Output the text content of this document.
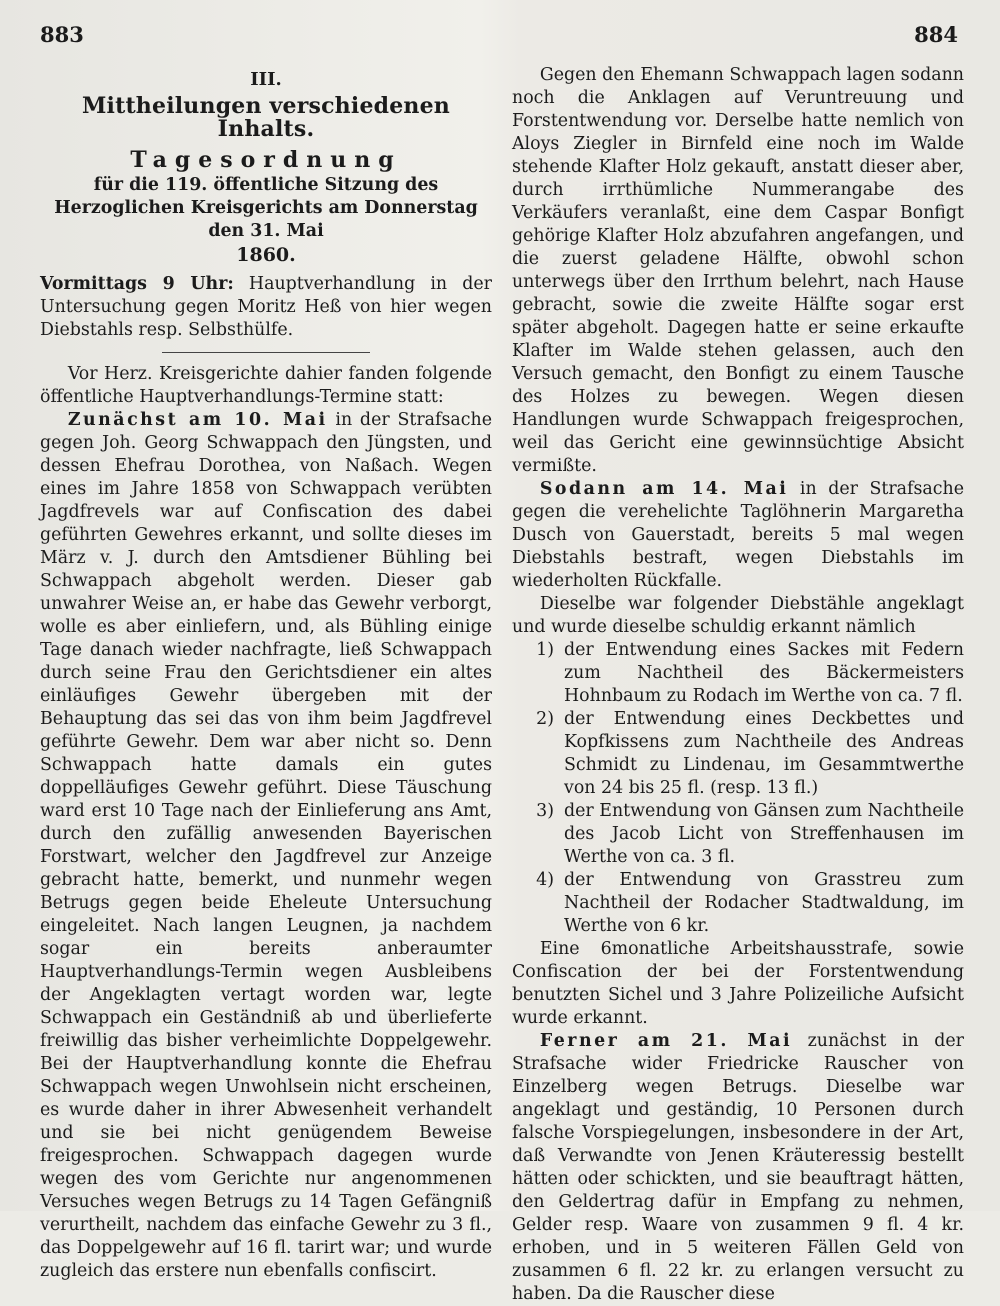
883	884
III.
Mittheilungen verschiedenen Inhalts.
Tagesordnung
für die 119. öffentliche Sitzung des Herzoglichen Kreisgerichts am Donnerstag den 31. Mai
1860.
Vormittags 9 Uhr: Hauptverhandlung in der Untersuchung gegen Moritz Heß von hier wegen Diebstahls resp. Selbsthülfe.

Vor Herz. Kreisgerichte dahier fanden folgende öffentliche Hauptverhandlungs-Termine statt:

Zunächst am 10. Mai in der Strafsache gegen Joh. Georg Schwappach den Jüngsten, und dessen Ehefrau Dorothea, von Naßach. Wegen eines im Jahre 1858 von Schwappach verübten Jagdfrevels war auf Confiscation des dabei geführten Gewehres erkannt, und sollte dieses im März v. J. durch den Amtsdiener Bühling bei Schwappach abgeholt werden. Dieser gab unwahrer Weise an, er habe das Gewehr verborgt, wolle es aber einliefern, und, als Bühling einige Tage danach wieder nachfragte, ließ Schwappach durch seine Frau den Gerichtsdiener ein altes einläufiges Gewehr übergeben mit der Behauptung das sei das von ihm beim Jagdfrevel geführte Gewehr. Dem war aber nicht so. Denn Schwappach hatte damals ein gutes doppelläufiges Gewehr geführt. Diese Täuschung ward erst 10 Tage nach der Einlieferung ans Amt, durch den zufällig anwesenden Bayerischen Forstwart, welcher den Jagdfrevel zur Anzeige gebracht hatte, bemerkt, und nunmehr wegen Betrugs gegen beide Eheleute Untersuchung eingeleitet. Nach langen Leugnen, ja nachdem sogar ein bereits anberaumter Hauptverhandlungs-Termin wegen Ausbleibens der Angeklagten vertagt worden war, legte Schwappach ein Geständniß ab und überlieferte freiwillig das bisher verheimlichte Doppelgewehr. Bei der Hauptverhandlung konnte die Ehefrau Schwappach wegen Unwohlsein nicht erscheinen, es wurde daher in ihrer Abwesenheit verhandelt und sie bei nicht genügendem Beweise freigesprochen. Schwappach dagegen wurde wegen des vom Gerichte nur angenommenen Versuches wegen Betrugs zu 14 Tagen Gefängniß verurtheilt, nachdem das einfache Gewehr zu 3 fl., das Doppelgewehr auf 16 fl. tarirt war; und wurde zugleich das erstere nun ebenfalls confiscirt.

Gegen den Ehemann Schwappach lagen sodann noch die Anklagen auf Veruntreuung und Forstentwendung vor. Derselbe hatte nemlich von Aloys Ziegler in Birnfeld eine noch im Walde stehende Klafter Holz gekauft, anstatt dieser aber, durch irrthümliche Nummerangabe des Verkäufers veranlaßt, eine dem Caspar Bonfigt gehörige Klafter Holz abzufahren angefangen, und die zuerst geladene Hälfte, obwohl schon unterwegs über den Irrthum belehrt, nach Hause gebracht, sowie die zweite Hälfte sogar erst später abgeholt. Dagegen hatte er seine erkaufte Klafter im Walde stehen gelassen, auch den Versuch gemacht, den Bonfigt zu einem Tausche des Holzes zu bewegen. Wegen diesen Handlungen wurde Schwappach freigesprochen, weil das Gericht eine gewinnsüchtige Absicht vermißte.

Sodann am 14. Mai in der Strafsache gegen die verehelichte Taglöhnerin Margaretha Dusch von Gauerstadt, bereits 5 mal wegen Diebstahls bestraft, wegen Diebstahls im wiederholten Rückfalle.

Dieselbe war folgender Diebstähle angeklagt und wurde dieselbe schuldig erkannt nämlich

1) der Entwendung eines Sackes mit Federn zum Nachtheil des Bäckermeisters Hohnbaum zu Rodach im Werthe von ca. 7 fl.
2) der Entwendung eines Deckbettes und Kopfkissens zum Nachtheile des Andreas Schmidt zu Lindenau, im Gesammtwerthe von 24 bis 25 fl. (resp. 13 fl.)
3) der Entwendung von Gänsen zum Nachtheile des Jacob Licht von Streffenhausen im Werthe von ca. 3 fl.
4) der Entwendung von Grasstreu zum Nachtheil der Rodacher Stadtwaldung, im Werthe von 6 kr.

Eine 6monatliche Arbeitshausstrafe, sowie Confiscation der bei der Forstentwendung benutzten Sichel und 3 Jahre Polizeiliche Aufsicht wurde erkannt.

Ferner am 21. Mai zunächst in der Strafsache wider Friedricke Rauscher von Einzelberg wegen Betrugs. Dieselbe war angeklagt und geständig, 10 Personen durch falsche Vorspiegelungen, insbesondere in der Art, daß Verwandte von Jenen Kräuteressig bestellt hätten oder schickten, und sie beauftragt hätten, den Geldertrag dafür in Empfang zu nehmen, Gelder resp. Waare von zusammen 9 fl. 4 kr. erhoben, und in 5 weiteren Fällen Geld von zusammen 6 fl. 22 kr. zu erlangen versucht zu haben. Da die Rauscher diese
